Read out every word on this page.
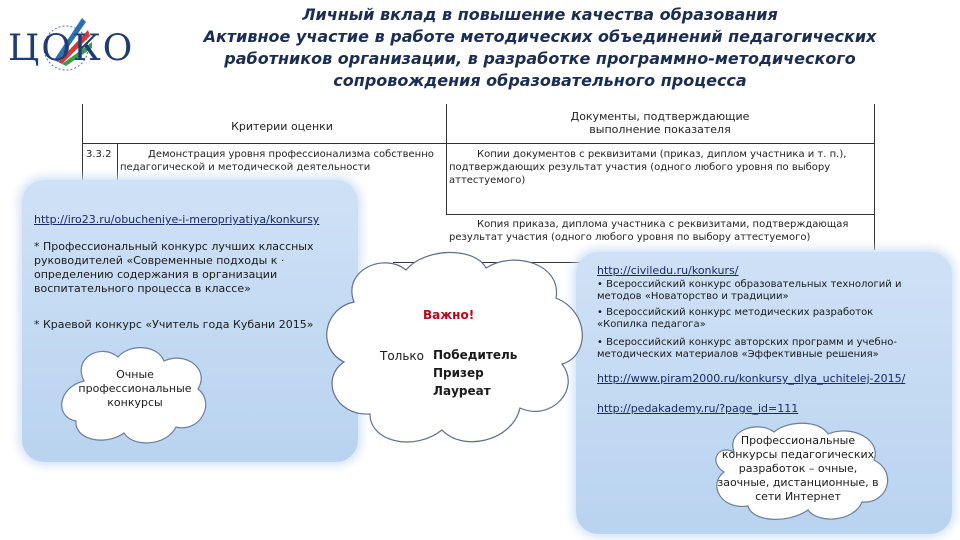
ЦОКО
Личный вклад в повышение качества образования
Активное участие в работе методических объединений педагогических работников организации, в разработке программно-методического сопровождения образовательного процесса
Критерии оценки
Документы, подтверждающие выполнение показателя
3.3.2	Демонстрация уровня профессионализма собственно педагогической и методической деятельности
Копии документов с реквизитами (приказ, диплом участника и т. п.), подтверждающих результат участия (одного любого уровня по выбору аттестуемого)
Копия приказа, диплома участника с реквизитами, подтверждающая результат участия (одного любого уровня по выбору аттестуемого)
http://iro23.ru/obucheniye-i-meropriyatiya/konkursy
* Профессиональный конкурс лучших классных руководителей «Современные подходы к · определению содержания в организации воспитательного процесса в классе»
* Краевой конкурс «Учитель года Кубани 2015»
Очные профессиональные конкурсы
http://civiledu.ru/konkurs/
• Всероссийский конкурс образовательных технологий и методов «Новаторство и традиции»
• Всероссийский конкурс методических разработок «Копилка педагога»
• Всероссийский конкурс авторских программ и учебно-методических материалов «Эффективные решения»
http://www.piram2000.ru/konkursy_dlya_uchitelej-2015/
http://pedakademy.ru/?page_id=111
Профессиональные конкурсы педагогических разработок – очные, заочные, дистанционные, в сети Интернет
Важно!
Только Победитель
Призер
Лауреат
